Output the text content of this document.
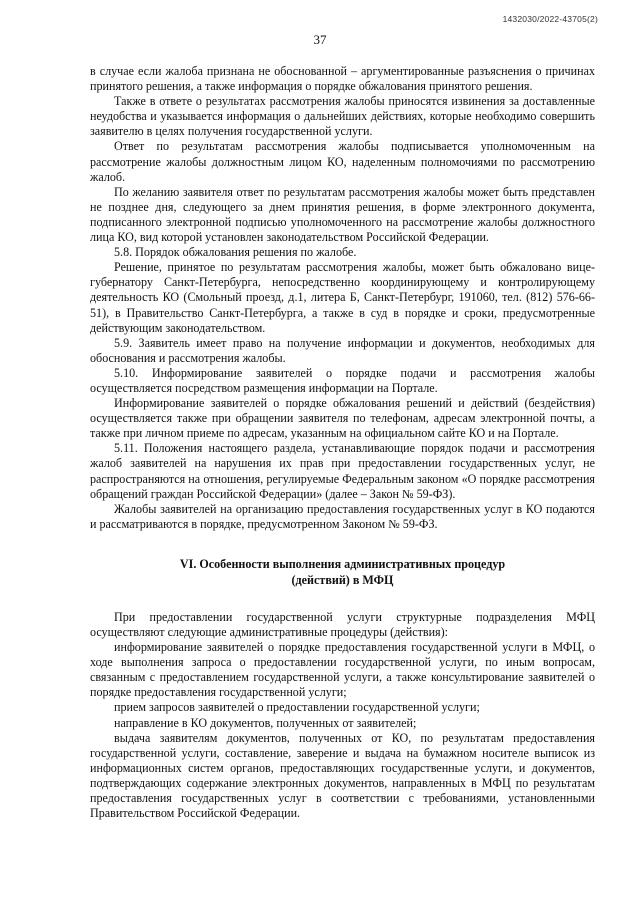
1432030/2022-43705(2)
37

в случае если жалоба признана не обоснованной – аргументированные разъяснения о причинах принятого решения, а также информация о порядке обжалования принятого решения.

Также в ответе о результатах рассмотрения жалобы приносятся извинения за доставленные неудобства и указывается информация о дальнейших действиях, которые необходимо совершить заявителю в целях получения государственной услуги.

Ответ по результатам рассмотрения жалобы подписывается уполномоченным на рассмотрение жалобы должностным лицом КО, наделенным полномочиями по рассмотрению жалоб.

По желанию заявителя ответ по результатам рассмотрения жалобы может быть представлен не позднее дня, следующего за днем принятия решения, в форме электронного документа, подписанного электронной подписью уполномоченного на рассмотрение жалобы должностного лица КО, вид которой установлен законодательством Российской Федерации.

5.8. Порядок обжалования решения по жалобе.

Решение, принятое по результатам рассмотрения жалобы, может быть обжаловано вице-губернатору Санкт-Петербурга, непосредственно координирующему и контролирующему деятельность КО (Смольный проезд, д.1, литера Б, Санкт-Петербург, 191060, тел. (812) 576-66-51), в Правительство Санкт-Петербурга, а также в суд в порядке и сроки, предусмотренные действующим законодательством.

5.9. Заявитель имеет право на получение информации и документов, необходимых для обоснования и рассмотрения жалобы.

5.10. Информирование заявителей о порядке подачи и рассмотрения жалобы осуществляется посредством размещения информации на Портале.

Информирование заявителей о порядке обжалования решений и действий (бездействия) осуществляется также при обращении заявителя по телефонам, адресам электронной почты, а также при личном приеме по адресам, указанным на официальном сайте КО и на Портале.

5.11. Положения настоящего раздела, устанавливающие порядок подачи и рассмотрения жалоб заявителей на нарушения их прав при предоставлении государственных услуг, не распространяются на отношения, регулируемые Федеральным законом «О порядке рассмотрения обращений граждан Российской Федерации» (далее – Закон № 59-ФЗ).

Жалобы заявителей на организацию предоставления государственных услуг в КО подаются и рассматриваются в порядке, предусмотренном Законом № 59-ФЗ.

VI. Особенности выполнения административных процедур

(действий) в МФЦ

При предоставлении государственной услуги структурные подразделения МФЦ осуществляют следующие административные процедуры (действия):

информирование заявителей о порядке предоставления государственной услуги в МФЦ, о ходе выполнения запроса о предоставлении государственной услуги, по иным вопросам, связанным с предоставлением государственной услуги, а также консультирование заявителей о порядке предоставления государственной услуги;

прием запросов заявителей о предоставлении государственной услуги;

направление в КО документов, полученных от заявителей;

выдача заявителям документов, полученных от КО, по результатам предоставления государственной услуги, составление, заверение и выдача на бумажном носителе выписок из информационных систем органов, предоставляющих государственные услуги, и документов, подтверждающих содержание электронных документов, направленных в МФЦ по результатам предоставления государственных услуг в соответствии с требованиями, установленными Правительством Российской Федерации.
